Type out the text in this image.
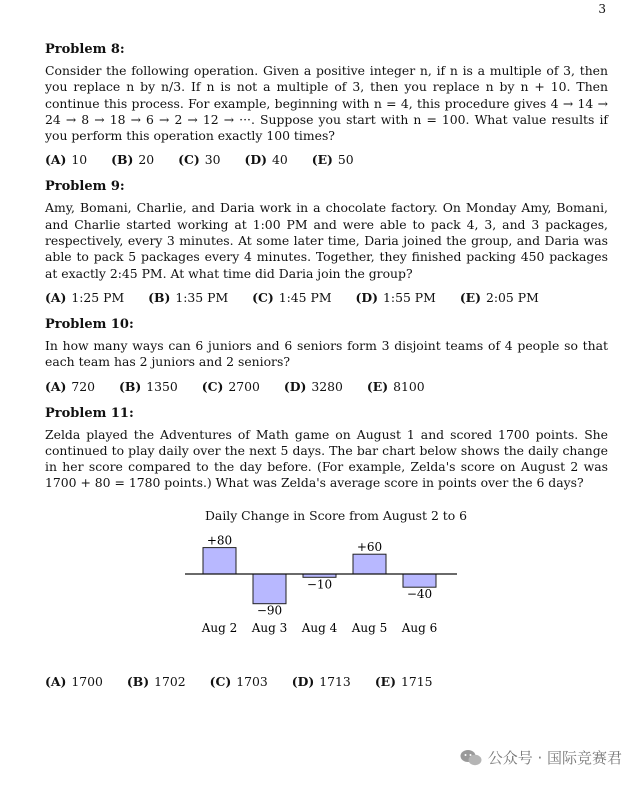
3
Problem 8:

Consider the following operation. Given a positive integer n, if n is a multiple of 3, then you replace n by n/3. If n is not a multiple of 3, then you replace n by n + 10. Then continue this process. For example, beginning with n = 4, this procedure gives 4 → 14 → 24 → 8 → 18 → 6 → 2 → 12 → ···. Suppose you start with n = 100. What value results if you perform this operation exactly 100 times?

(A) 10 (B) 20 (C) 30 (D) 40 (E) 50
Problem 9:

Amy, Bomani, Charlie, and Daria work in a chocolate factory. On Monday Amy, Bomani, and Charlie started working at 1:00 PM and were able to pack 4, 3, and 3 packages, respectively, every 3 minutes. At some later time, Daria joined the group, and Daria was able to pack 5 packages every 4 minutes. Together, they finished packing 450 packages at exactly 2:45 PM. At what time did Daria join the group?

(A) 1:25 PM (B) 1:35 PM (C) 1:45 PM (D) 1:55 PM (E) 2:05 PM
Problem 10:

In how many ways can 6 juniors and 6 seniors form 3 disjoint teams of 4 people so that each team has 2 juniors and 2 seniors?

(A) 720 (B) 1350 (C) 2700 (D) 3280 (E) 8100
Problem 11:

Zelda played the Adventures of Math game on August 1 and scored 1700 points. She continued to play daily over the next 5 days. The bar chart below shows the daily change in her score compared to the day before. (For example, Zelda's score on August 2 was 1700 + 80 = 1780 points.) What was Zelda's average score in points over the 6 days?

Daily Change in Score from August 2 to 6
+80
Aug 2
−90
Aug 3
−10
Aug 4
+60
Aug 5
−40
Aug 6
(A) 1700 (B) 1702 (C) 1703 (D) 1713 (E) 1715
公众号 · 国际竞赛君
